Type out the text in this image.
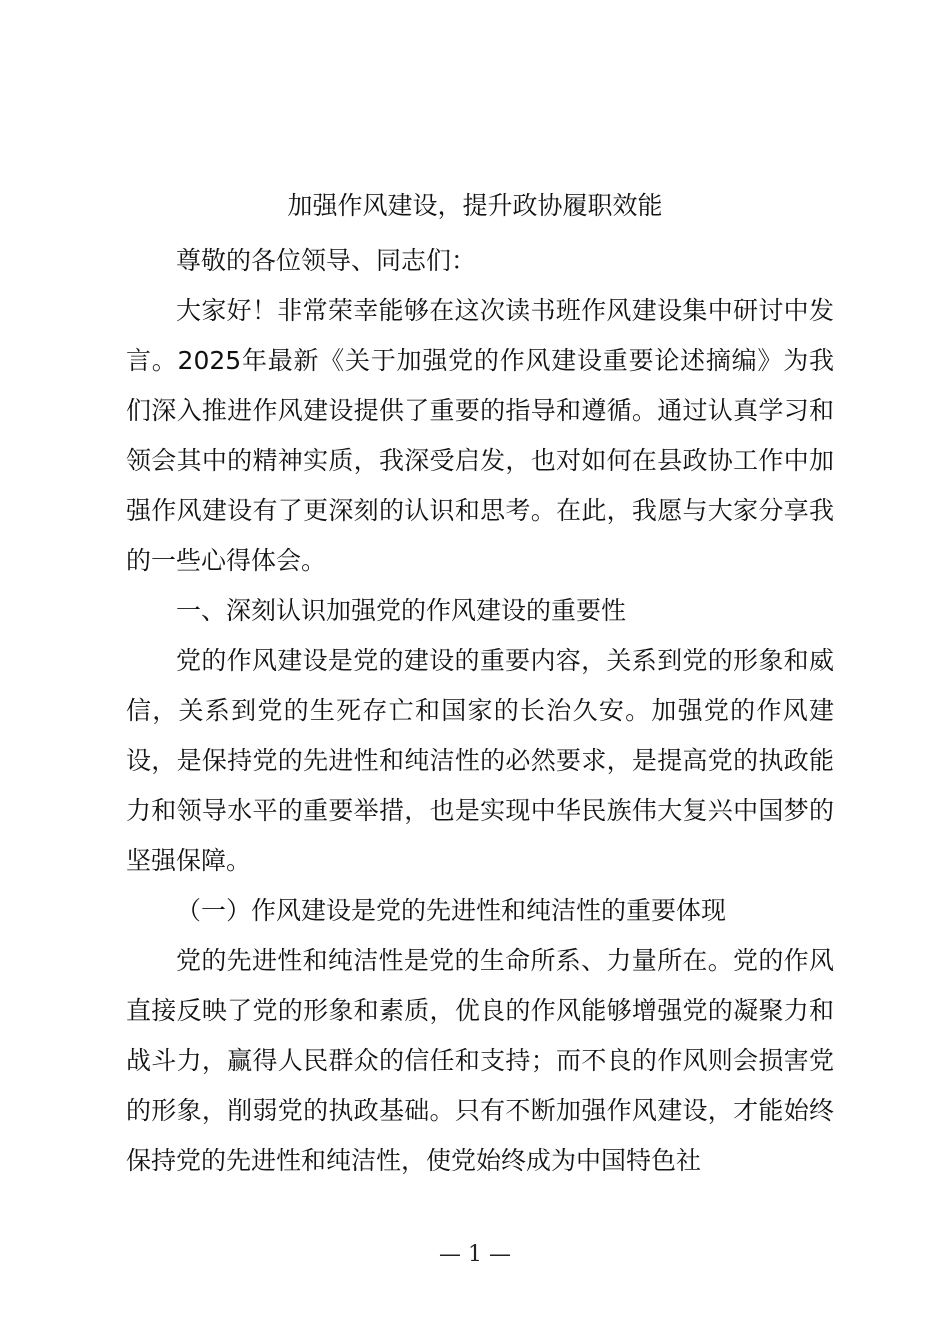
加强作风建设，提升政协履职效能

尊敬的各位领导、同志们：

大家好！非常荣幸能够在这次读书班作风建设集中研讨中发言。2025年最新《关于加强党的作风建设重要论述摘编》为我们深入推进作风建设提供了重要的指导和遵循。通过认真学习和领会其中的精神实质，我深受启发，也对如何在县政协工作中加强作风建设有了更深刻的认识和思考。在此，我愿与大家分享我的一些心得体会。

一、深刻认识加强党的作风建设的重要性

党的作风建设是党的建设的重要内容，关系到党的形象和威信，关系到党的生死存亡和国家的长治久安。加强党的作风建设，是保持党的先进性和纯洁性的必然要求，是提高党的执政能力和领导水平的重要举措，也是实现中华民族伟大复兴中国梦的坚强保障。

（一）作风建设是党的先进性和纯洁性的重要体现

党的先进性和纯洁性是党的生命所系、力量所在。党的作风直接反映了党的形象和素质，优良的作风能够增强党的凝聚力和战斗力，赢得人民群众的信任和支持；而不良的作风则会损害党的形象，削弱党的执政基础。只有不断加强作风建设，才能始终保持党的先进性和纯洁性，使党始终成为中国特色社

— 1 —
